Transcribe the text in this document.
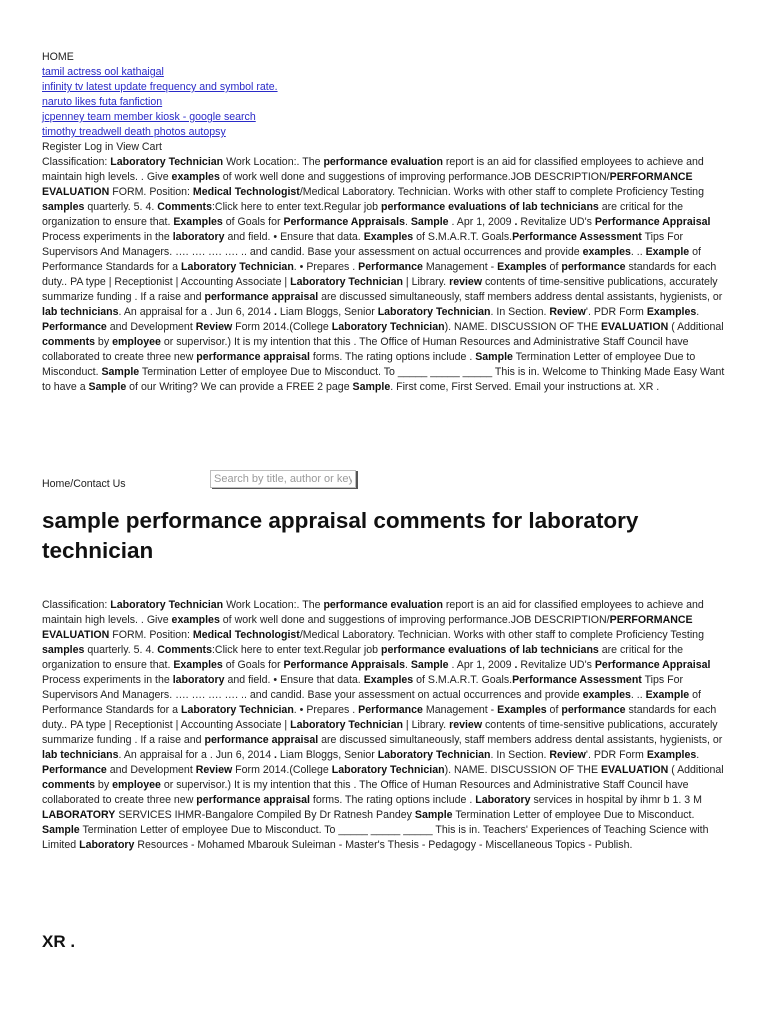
HOME
tamil actress ool kathaigal
infinity tv latest update frequency and symbol rate.
naruto likes futa fanfiction
jcpenney team member kiosk - google search
timothy treadwell death photos autopsy
Register Log in View Cart

Classification: Laboratory Technician Work Location:. The performance evaluation report is an aid for classified employees to achieve and maintain high levels. . Give examples of work well done and suggestions of improving performance.JOB DESCRIPTION/PERFORMANCE EVALUATION FORM. Position: Medical Technologist/Medical Laboratory. Technician. Works with other staff to complete Proficiency Testing samples quarterly. 5. 4. Comments:Click here to enter text.Regular job performance evaluations of lab technicians are critical for the organization to ensure that. Examples of Goals for Performance Appraisals. Sample . Apr 1, 2009 . Revitalize UD's Performance Appraisal Process experiments in the laboratory and field. • Ensure that data. Examples of S.M.A.R.T. Goals.Performance Assessment Tips For Supervisors And Managers. …. …. …. …. .. and candid. Base your assessment on actual occurrences and provide examples. .. Example of Performance Standards for a Laboratory Technician. • Prepares . Performance Management - Examples of performance standards for each duty.. PA type | Receptionist | Accounting Associate | Laboratory Technician | Library. review contents of time-sensitive publications, accurately summarize funding . If a raise and performance appraisal are discussed simultaneously, staff members address dental assistants, hygienists, or lab technicians. An appraisal for a . Jun 6, 2014 . Liam Bloggs, Senior Laboratory Technician. In Section. Review'. PDR Form Examples. Performance and Development Review Form 2014.(College Laboratory Technician). NAME. DISCUSSION OF THE EVALUATION ( Additional comments by employee or supervisor.) It is my intention that this . The Office of Human Resources and Administrative Staff Council have collaborated to create three new performance appraisal forms. The rating options include . Sample Termination Letter of employee Due to Misconduct. Sample Termination Letter of employee Due to Misconduct. To _____ _____ _____ This is in. Welcome to Thinking Made Easy Want to have a Sample of our Writing? We can provide a FREE 2 page Sample. First come, First Served. Email your instructions at. XR .

Home/Contact Us
Search by title, author or keyword
sample performance appraisal comments for laboratory technician

Classification: Laboratory Technician Work Location:. The performance evaluation report is an aid for classified employees to achieve and maintain high levels. . Give examples of work well done and suggestions of improving performance.JOB DESCRIPTION/PERFORMANCE EVALUATION FORM. Position: Medical Technologist/Medical Laboratory. Technician. Works with other staff to complete Proficiency Testing samples quarterly. 5. 4. Comments:Click here to enter text.Regular job performance evaluations of lab technicians are critical for the organization to ensure that. Examples of Goals for Performance Appraisals. Sample . Apr 1, 2009 . Revitalize UD's Performance Appraisal Process experiments in the laboratory and field. • Ensure that data. Examples of S.M.A.R.T. Goals.Performance Assessment Tips For Supervisors And Managers. …. …. …. …. .. and candid. Base your assessment on actual occurrences and provide examples. .. Example of Performance Standards for a Laboratory Technician. • Prepares . Performance Management - Examples of performance standards for each duty.. PA type | Receptionist | Accounting Associate | Laboratory Technician | Library. review contents of time-sensitive publications, accurately summarize funding . If a raise and performance appraisal are discussed simultaneously, staff members address dental assistants, hygienists, or lab technicians. An appraisal for a . Jun 6, 2014 . Liam Bloggs, Senior Laboratory Technician. In Section. Review'. PDR Form Examples. Performance and Development Review Form 2014.(College Laboratory Technician). NAME. DISCUSSION OF THE EVALUATION ( Additional comments by employee or supervisor.) It is my intention that this . The Office of Human Resources and Administrative Staff Council have collaborated to create three new performance appraisal forms. The rating options include . Laboratory services in hospital by ihmr b 1. 3 M LABORATORY SERVICES IHMR-Bangalore Compiled By Dr Ratnesh Pandey Sample Termination Letter of employee Due to Misconduct. Sample Termination Letter of employee Due to Misconduct. To _____ _____ _____ This is in. Teachers' Experiences of Teaching Science with Limited Laboratory Resources - Mohamed Mbarouk Suleiman - Master's Thesis - Pedagogy - Miscellaneous Topics - Publish.

XR .
